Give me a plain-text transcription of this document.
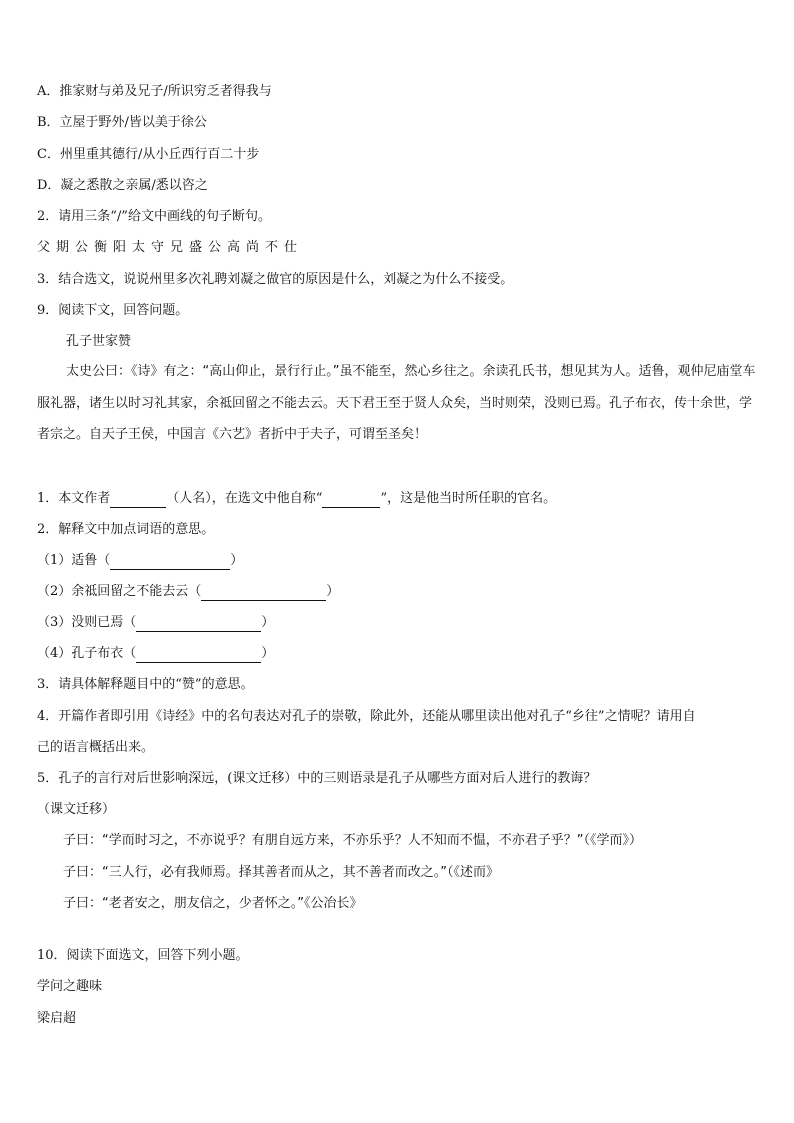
A．推家财与弟及兄子/所识穷乏者得我与
B．立屋于野外/皆以美于徐公
C．州里重其德行/从小丘西行百二十步
D．凝之悉散之亲属/悉以咨之
2．请用三条“/”给文中画线的句子断句。
父期公衡阳太守兄盛公高尚不仕
3．结合选文，说说州里多次礼聘刘凝之做官的原因是什么，刘凝之为什么不接受。
9．阅读下文，回答问题。
孔子世家赞
太史公曰：《诗》有之：“高山仰止，景行行止。”虽不能至，然心乡往之。余读孔氏书，想见其为人。适鲁，观仲尼庙堂车服礼器，诸生以时习礼其家，余祗回留之不能去云。天下君王至于贤人众矣，当时则荣，没则已焉。孔子布衣，传十余世，学者宗之。自天子王侯，中国言《六艺》者折中于夫子，可谓至圣矣！
1．本文作者	（人名），在选文中他自称“	”，这是他当时所任职的官名。
2．解释文中加点词语的意思。
（1）适鲁（	）
（2）余祗回留之不能去云（	）
（3）没则已焉（	）
（4）孔子布衣（	）
3．请具体解释题目中的“赞”的意思。
4．开篇作者即引用《诗经》中的名句表达对孔子的崇敬，除此外，还能从哪里读出他对孔子“乡往”之情呢？请用自
己的语言概括出来。
5．孔子的言行对后世影响深远，(课文迁移）中的三则语录是孔子从哪些方面对后人进行的教诲？
（课文迁移）
子曰：“学而时习之，不亦说乎？有朋自远方来，不亦乐乎？人不知而不愠，不亦君子乎？”（《学而》）
子曰：“三人行，必有我师焉。择其善者而从之，其不善者而改之。”（《述而》
子曰：“老者安之，朋友信之，少者怀之。”《公冶长》
10．阅读下面选文，回答下列小题。
学问之趣味
梁启超
